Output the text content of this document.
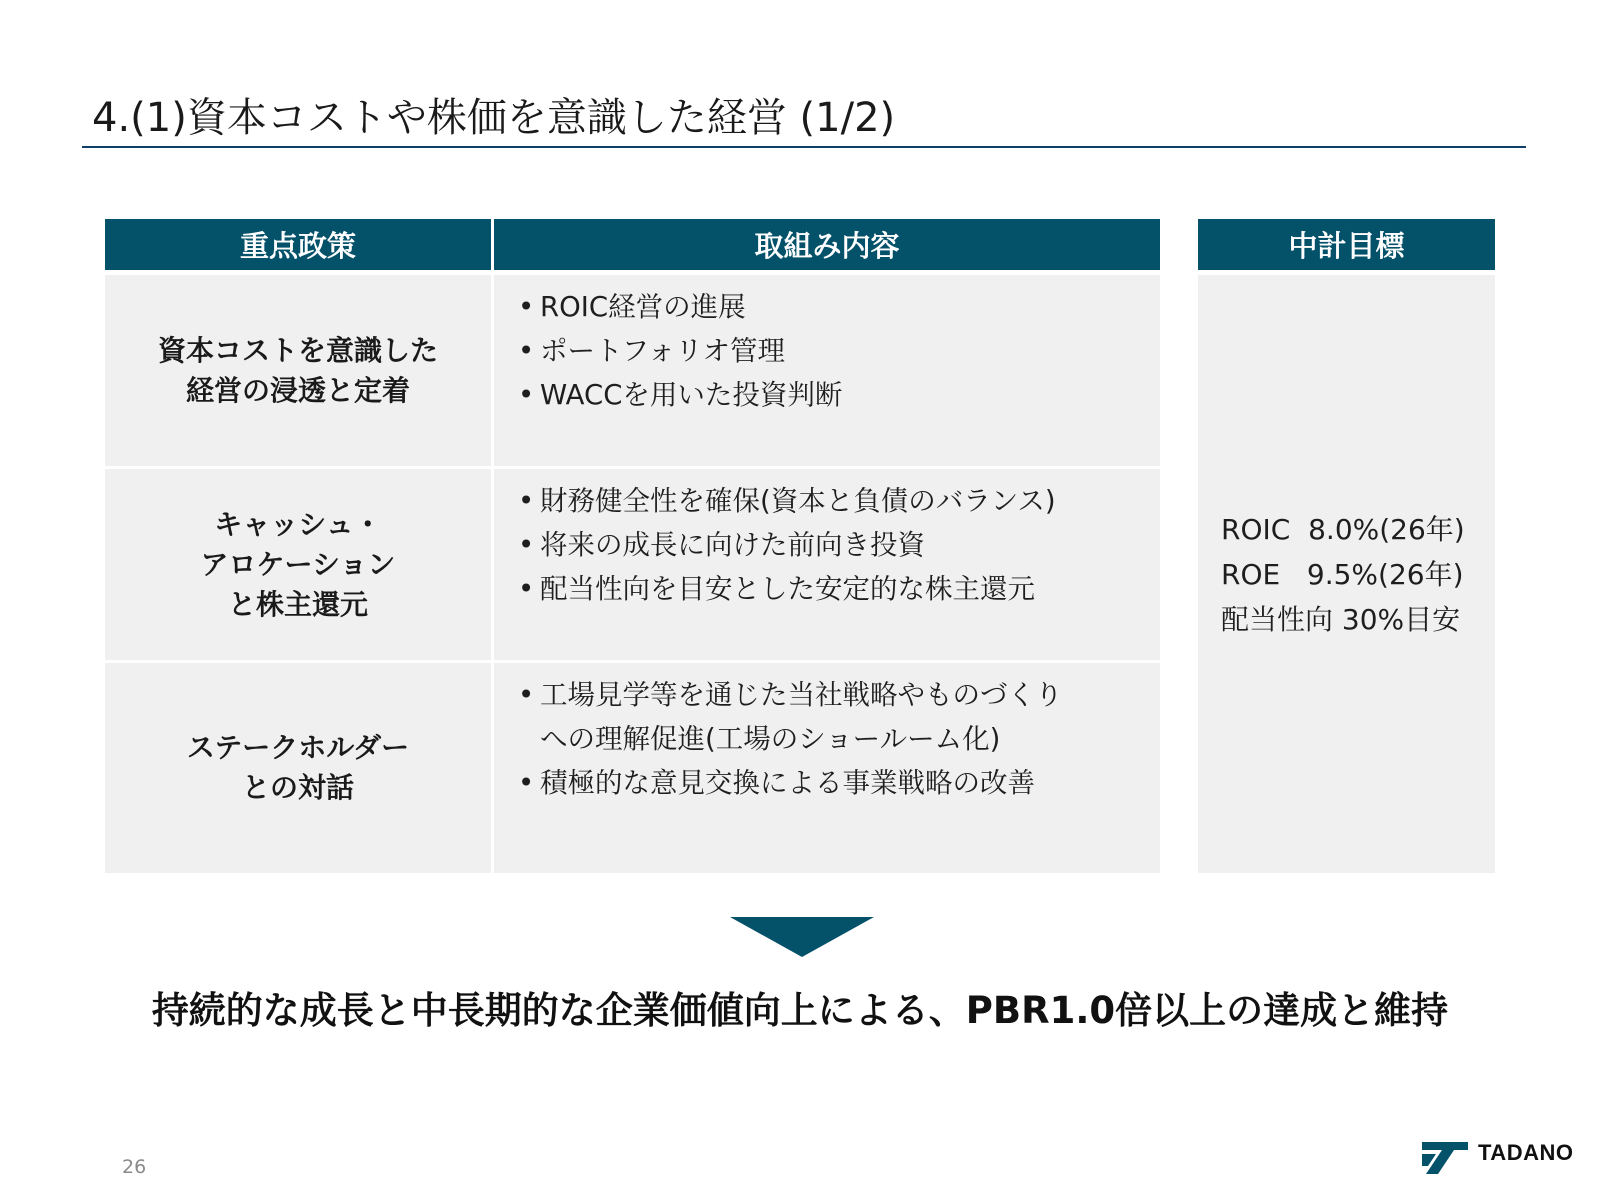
4.(1)資本コストや株価を意識した経営 (1/2)
重点政策	取組み内容	中計目標
資本コストを意識した
経営の浸透と定着
• ROIC経営の進展
• ポートフォリオ管理
• WACCを用いた投資判断
キャッシュ・
アロケーション
と株主還元
• 財務健全性を確保(資本と負債のバランス)
• 将来の成長に向けた前向き投資
• 配当性向を目安とした安定的な株主還元
ステークホルダー
との対話
• 工場見学等を通じた当社戦略やものづくり
への理解促進(工場のショールーム化)
• 積極的な意見交換による事業戦略の改善
ROIC  8.0%(26年)
ROE   9.5%(26年)
配当性向 30%目安
持続的な成長と中長期的な企業価値向上による、PBR1.0倍以上の達成と維持
26
TADANO
